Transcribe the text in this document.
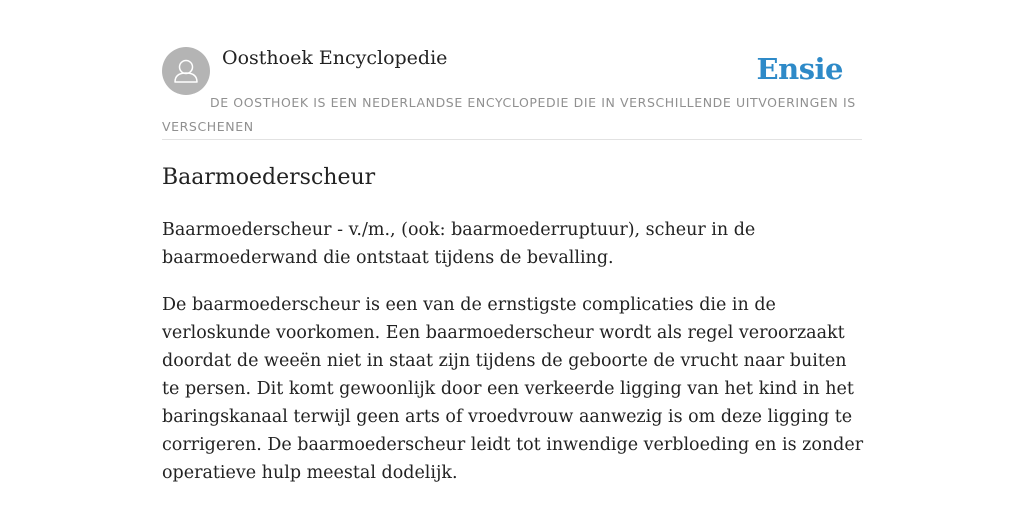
Oosthoek Encyclopedie	Ensie
DE OOSTHOEK IS EEN NEDERLANDSE ENCYCLOPEDIE DIE IN VERSCHILLENDE UITVOERINGEN IS VERSCHENEN
Baarmoederscheur

Baarmoederscheur - v./m., (ook: baarmoederruptuur), scheur in de baarmoederwand die ontstaat tijdens de bevalling.

De baarmoederscheur is een van de ernstigste complicaties die in de verloskunde voorkomen. Een baarmoederscheur wordt als regel veroorzaakt doordat de weeën niet in staat zijn tijdens de geboorte de vrucht naar buiten te persen. Dit komt gewoonlijk door een verkeerde ligging van het kind in het baringskanaal terwijl geen arts of vroedvrouw aanwezig is om deze ligging te corrigeren. De baarmoederscheur leidt tot inwendige verbloeding en is zonder operatieve hulp meestal dodelijk.
